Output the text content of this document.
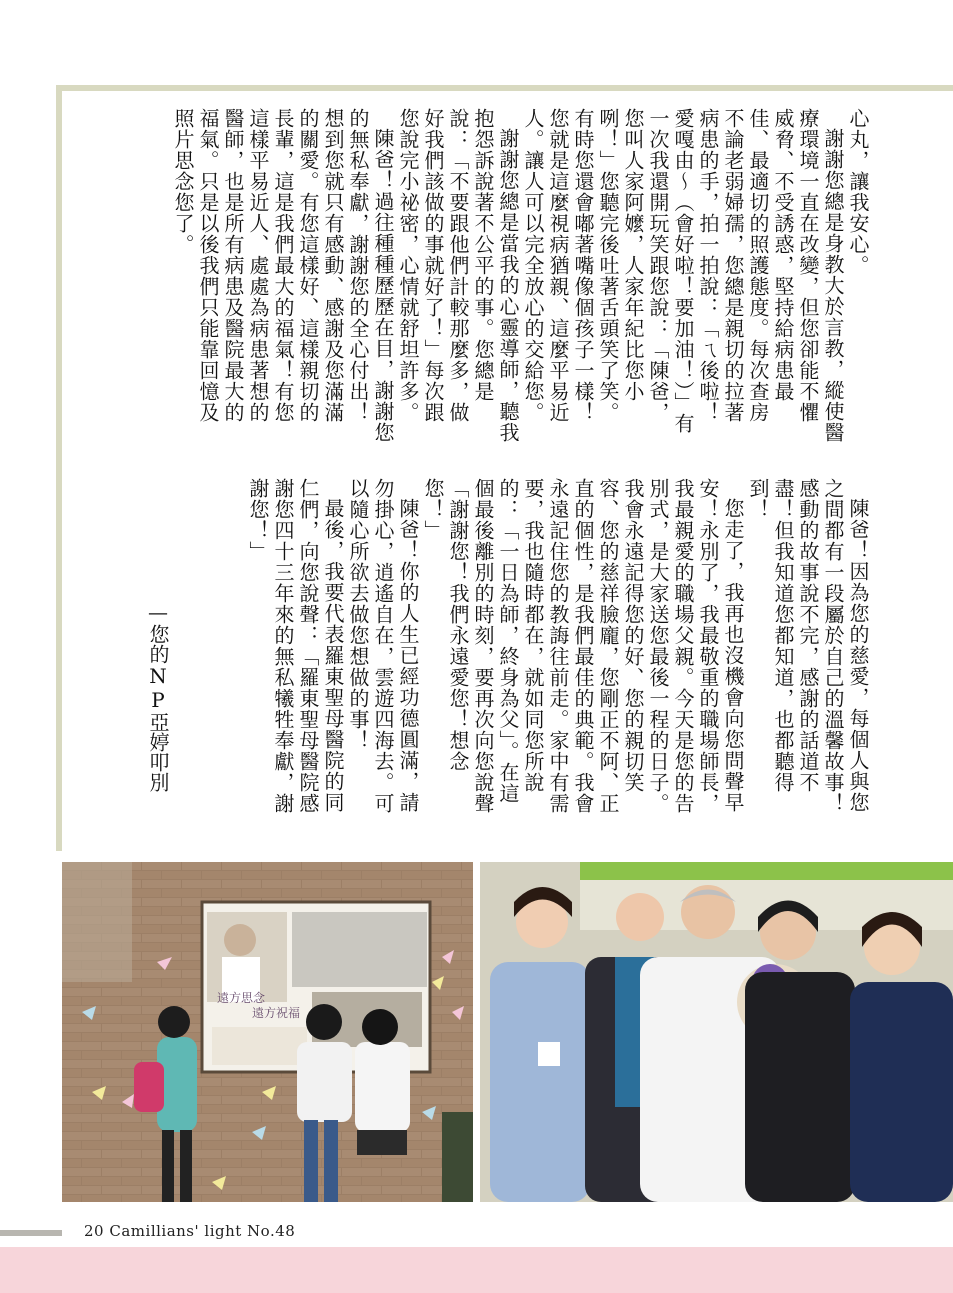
心丸，讓我安心。

謝謝您總是身教大於言教，縱使醫療環境一直在改變，但您卻能不懼威脅、不受誘惑，堅持給病患最佳、最適切的照護態度。每次查房不論老弱婦孺，您總是親切的拉著病患的手，拍一拍說：「ㄟ後啦！愛嘎由～（會好啦！要加油！）」有一次我還開玩笑跟您說：「陳爸，您叫人家阿嬤，人家年紀比您小咧！」您聽完後吐著舌頭笑了笑。有時您還會嘟著嘴像個孩子一樣！您就是這麼視病猶親、這麼平易近人。讓人可以完全放心的交給您。

謝謝您總是當我的心靈導師，聽我抱怨訴說著不公平的事。您總是說：「不要跟他們計較那麼多，做好我們該做的事就好了！」每次跟您說完小祕密，心情就舒坦許多。

陳爸！過往種種歷歷在目，謝謝您的無私奉獻，謝謝您的全心付出！想到您就只有感動、感謝及您滿滿的關愛。有您這樣好、這樣親切的長輩，這是我們最大的福氣！有您這樣平易近人、處處為病患著想的醫師，也是所有病患及醫院最大的福氣。只是以後我們只能靠回憶及照片思念您了。

陳爸！因為您的慈愛，每個人與您之間都有一段屬於自己的溫馨故事！感動的故事說不完，感謝的話道不盡！但我知道您都知道，也都聽得到！

您走了，我再也沒機會向您問聲早安！永別了，我最敬重的職場師長，我最親愛的職場父親。今天是您的告別式，是大家送您最後一程的日子。我會永遠記得您的好、您的親切笑容、您的慈祥臉龐，您剛正不阿、正直的個性，是我們最佳的典範。我會永遠記住您的教誨往前走。家中有需要，我也隨時都在，就如同您所說的：「一日為師，終身為父」。在這個最後離別的時刻，要再次向您說聲「謝謝您！我們永遠愛您！想念您！」

陳爸！你的人生已經功德圓滿，請勿掛心，逍遙自在，雲遊四海去。可以隨心所欲去做您想做的事！

最後，我要代表羅東聖母醫院的同仁們，向您說聲：「羅東聖母醫院感謝您四十三年來的無私犧牲奉獻，謝謝您！」

—您的NP亞婷叩別
遠方思念
遠方祝福
20 Camillians' light No.48
